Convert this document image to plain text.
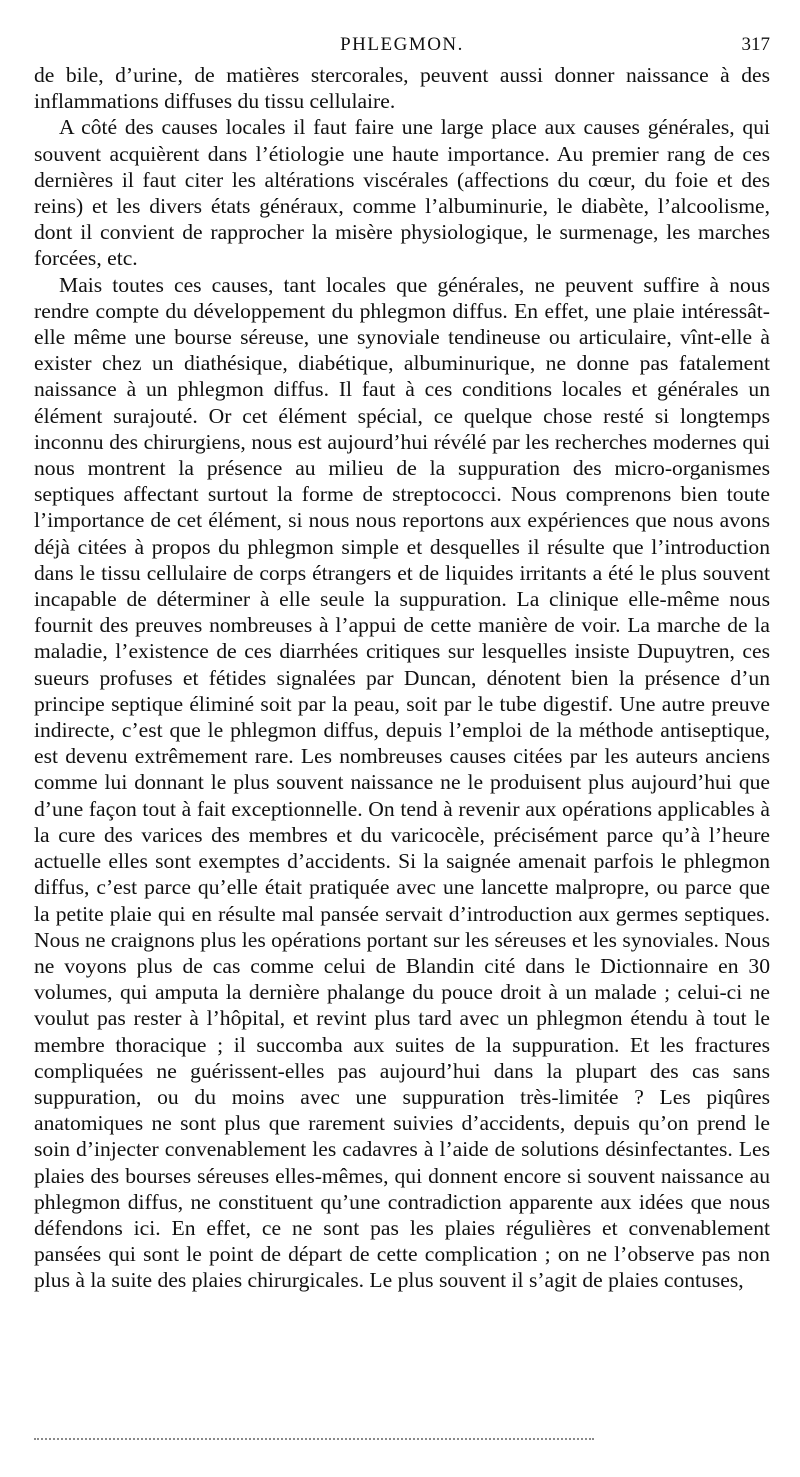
PHLEGMON.	317

de bile, d’urine, de matières stercorales, peuvent aussi donner naissance à des inflammations diffuses du tissu cellulaire.

A côté des causes locales il faut faire une large place aux causes générales, qui souvent acquièrent dans l’étiologie une haute importance. Au premier rang de ces dernières il faut citer les altérations viscérales (affections du cœur, du foie et des reins) et les divers états généraux, comme l’albuminurie, le diabète, l’alcoolisme, dont il convient de rapprocher la misère physiologique, le surmenage, les marches forcées, etc.

Mais toutes ces causes, tant locales que générales, ne peuvent suffire à nous rendre compte du développement du phlegmon diffus. En effet, une plaie intéressât-elle même une bourse séreuse, une synoviale tendineuse ou articulaire, vînt-elle à exister chez un diathésique, diabétique, albuminurique, ne donne pas fatalement naissance à un phlegmon diffus. Il faut à ces conditions locales et générales un élément surajouté. Or cet élément spécial, ce quelque chose resté si longtemps inconnu des chirurgiens, nous est aujourd’hui révélé par les recherches modernes qui nous montrent la présence au milieu de la suppuration des micro-organismes septiques affectant surtout la forme de streptococci. Nous comprenons bien toute l’importance de cet élément, si nous nous reportons aux expériences que nous avons déjà citées à propos du phlegmon simple et desquelles il résulte que l’introduction dans le tissu cellulaire de corps étrangers et de liquides irritants a été le plus souvent incapable de déterminer à elle seule la suppuration. La clinique elle-même nous fournit des preuves nombreuses à l’appui de cette manière de voir. La marche de la maladie, l’existence de ces diarrhées critiques sur lesquelles insiste Dupuytren, ces sueurs profuses et fétides signalées par Duncan, dénotent bien la présence d’un principe septique éliminé soit par la peau, soit par le tube digestif. Une autre preuve indirecte, c’est que le phlegmon diffus, depuis l’emploi de la méthode antiseptique, est devenu extrêmement rare. Les nombreuses causes citées par les auteurs anciens comme lui donnant le plus souvent naissance ne le produisent plus aujourd’hui que d’une façon tout à fait exceptionnelle. On tend à revenir aux opérations applicables à la cure des varices des membres et du varicocèle, précisément parce qu’à l’heure actuelle elles sont exemptes d’accidents. Si la saignée amenait parfois le phlegmon diffus, c’est parce qu’elle était pratiquée avec une lancette malpropre, ou parce que la petite plaie qui en résulte mal pansée servait d’introduction aux germes septiques. Nous ne craignons plus les opérations portant sur les séreuses et les synoviales. Nous ne voyons plus de cas comme celui de Blandin cité dans le Dictionnaire en 30 volumes, qui amputa la dernière phalange du pouce droit à un malade ; celui-ci ne voulut pas rester à l’hôpital, et revint plus tard avec un phlegmon étendu à tout le membre thoracique ; il succomba aux suites de la suppuration. Et les fractures compliquées ne guérissent-elles pas aujourd’hui dans la plupart des cas sans suppuration, ou du moins avec une suppuration très-limitée ? Les piqûres anatomiques ne sont plus que rarement suivies d’accidents, depuis qu’on prend le soin d’injecter convenablement les cadavres à l’aide de solutions désinfectantes. Les plaies des bourses séreuses elles-mêmes, qui donnent encore si souvent naissance au phlegmon diffus, ne constituent qu’une contradiction apparente aux idées que nous défendons ici. En effet, ce ne sont pas les plaies régulières et convenablement pansées qui sont le point de départ de cette complication ; on ne l’observe pas non plus à la suite des plaies chirurgicales. Le plus souvent il s’agit de plaies contuses,
